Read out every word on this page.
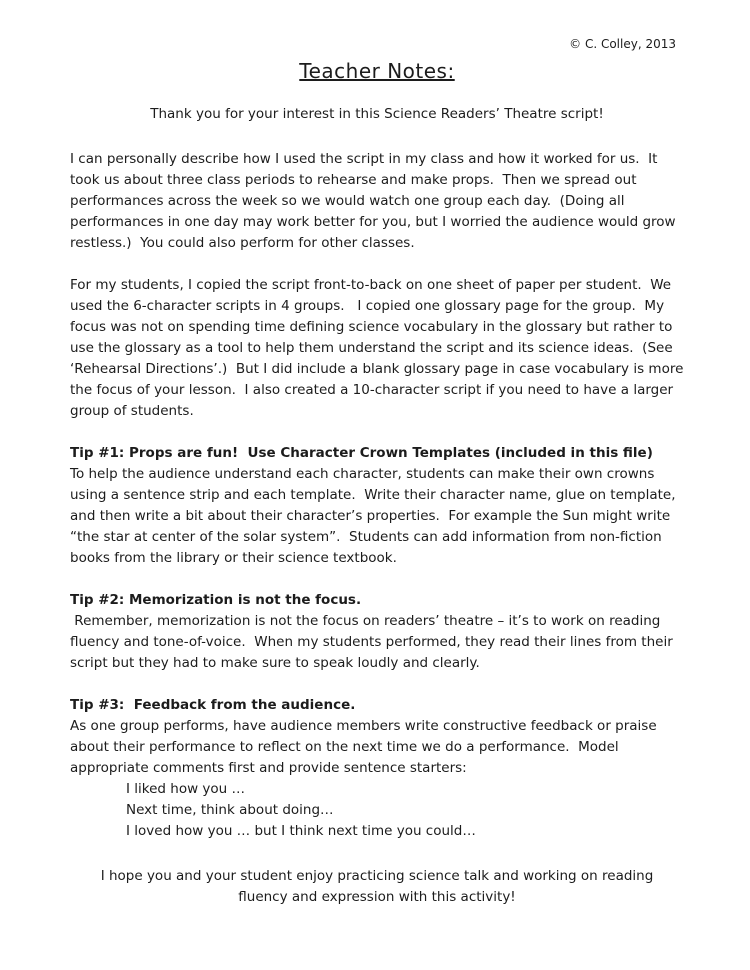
© C. Colley, 2013
Teacher Notes:

Thank you for your interest in this Science Readers’ Theatre script!

I can personally describe how I used the script in my class and how it worked for us.  It took us about three class periods to rehearse and make props.  Then we spread out performances across the week so we would watch one group each day.  (Doing all performances in one day may work better for you, but I worried the audience would grow restless.)  You could also perform for other classes.

For my students, I copied the script front-to-back on one sheet of paper per student.  We used the 6-character scripts in 4 groups.   I copied one glossary page for the group.  My focus was not on spending time defining science vocabulary in the glossary but rather to use the glossary as a tool to help them understand the script and its science ideas.  (See ‘Rehearsal Directions’.)  But I did include a blank glossary page in case vocabulary is more the focus of your lesson.  I also created a 10-character script if you need to have a larger group of students.

Tip #1: Props are fun!  Use Character Crown Templates (included in this file)

To help the audience understand each character, students can make their own crowns using a sentence strip and each template.  Write their character name, glue on template, and then write a bit about their character’s properties.  For example the Sun might write “the star at center of the solar system”.  Students can add information from non-fiction books from the library or their science textbook.

Tip #2: Memorization is not the focus.

Remember, memorization is not the focus on readers’ theatre – it’s to work on reading fluency and tone-of-voice.  When my students performed, they read their lines from their script but they had to make sure to speak loudly and clearly.

Tip #3:  Feedback from the audience.

As one group performs, have audience members write constructive feedback or praise about their performance to reflect on the next time we do a performance.  Model appropriate comments first and provide sentence starters:

I liked how you …
Next time, think about doing…
I loved how you … but I think next time you could…

I hope you and your student enjoy practicing science talk and working on reading fluency and expression with this activity!
